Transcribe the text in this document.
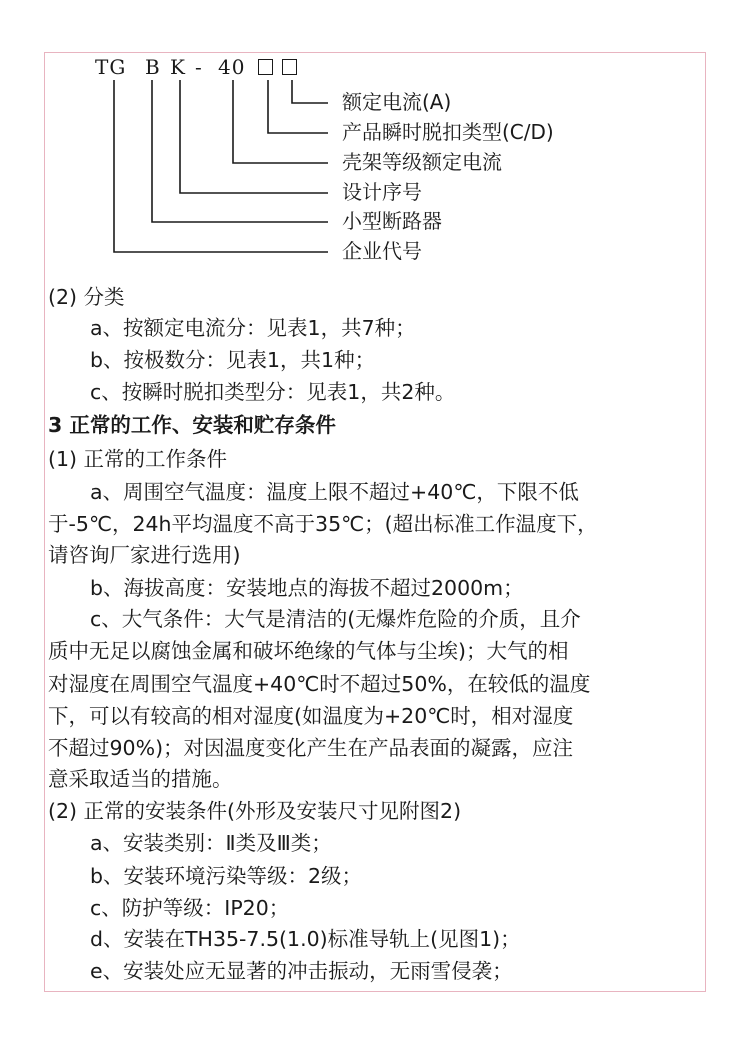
TG B K - 40
额定电流(A)
产品瞬时脱扣类型(C/D)
壳架等级额定电流
设计序号
小型断路器
企业代号
(2) 分类
a、按额定电流分：见表1，共7种；
b、按极数分：见表1，共1种；
c、按瞬时脱扣类型分：见表1，共2种。
3 正常的工作、安装和贮存条件
(1) 正常的工作条件
a、周围空气温度：温度上限不超过+40℃，下限不低
于-5℃，24h平均温度不高于35℃；(超出标准工作温度下，
请咨询厂家进行选用)
b、海拔高度：安装地点的海拔不超过2000m；
c、大气条件：大气是清洁的(无爆炸危险的介质，且介
质中无足以腐蚀金属和破坏绝缘的气体与尘埃)；大气的相
对湿度在周围空气温度+40℃时不超过50%，在较低的温度
下，可以有较高的相对湿度(如温度为+20℃时，相对湿度
不超过90%)；对因温度变化产生在产品表面的凝露，应注
意采取适当的措施。
(2) 正常的安装条件(外形及安装尺寸见附图2)
a、安装类别：Ⅱ类及Ⅲ类；
b、安装环境污染等级：2级；
c、防护等级：IP20；
d、安装在TH35-7.5(1.0)标准导轨上(见图1)；
e、安装处应无显著的冲击振动，无雨雪侵袭；
